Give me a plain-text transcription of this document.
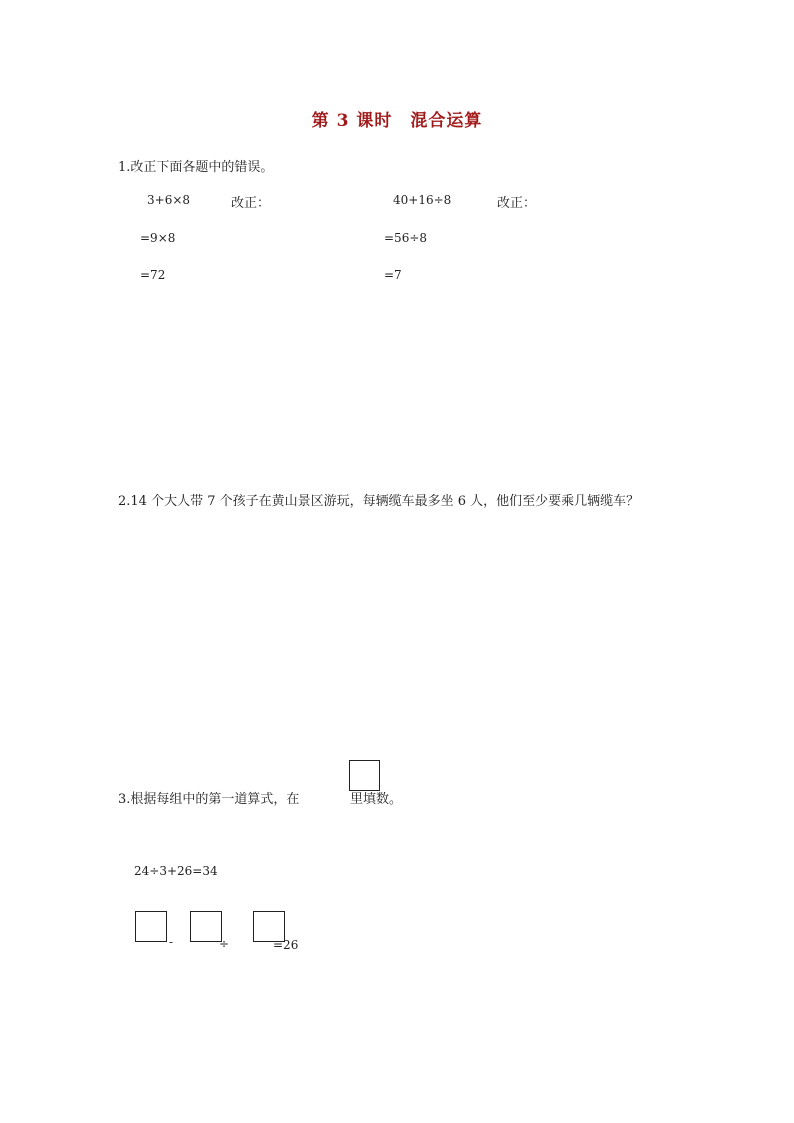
第 3 课时　混合运算
1.改正下面各题中的错误。
3+6×8	改正：
=9×8
=72
40+16÷8	改正：
=56÷8
=7
2.14 个大人带 7 个孩子在黄山景区游玩，每辆缆车最多坐 6 人，他们至少要乘几辆缆车？
3.根据每组中的第一道算式，在	里填数。
24÷3+26=34
-	÷	=26
